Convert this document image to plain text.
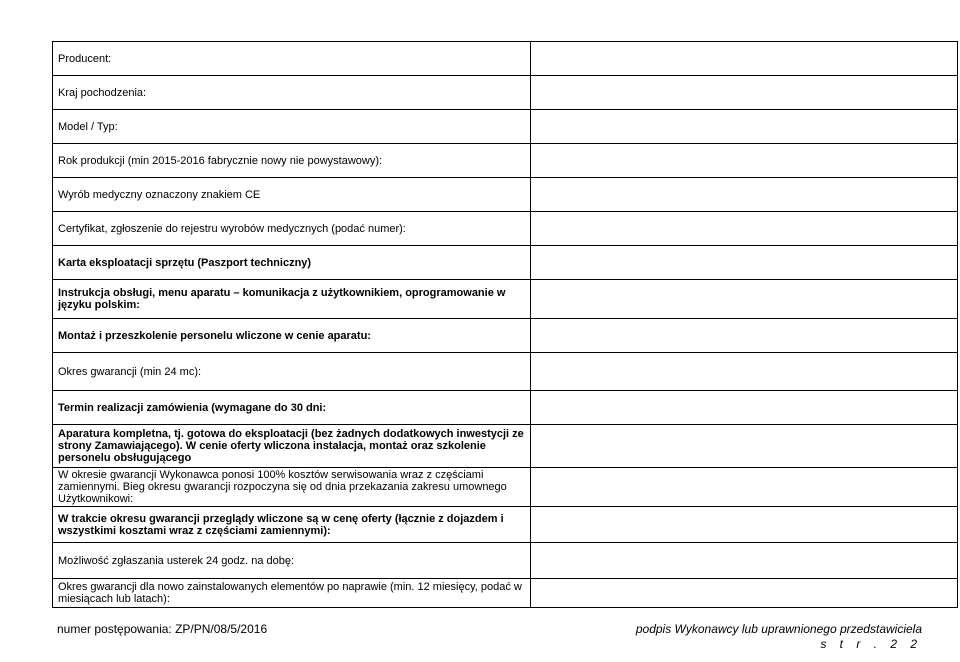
Producent:	
Kraj pochodzenia:	
Model / Typ:	
Rok produkcji (min 2015-2016 fabrycznie nowy nie powystawowy):	
Wyrób medyczny oznaczony znakiem CE	
Certyfikat, zgłoszenie do rejestru wyrobów medycznych (podać numer):	
Karta eksploatacji sprzętu (Paszport techniczny)	
Instrukcja obsługi, menu aparatu – komunikacja z użytkownikiem, oprogramowanie w języku polskim:	
Montaż i przeszkolenie personelu wliczone w cenie aparatu:	
Okres gwarancji (min 24 mc):	
Termin realizacji zamówienia (wymagane do 30 dni:	
Aparatura kompletna, tj. gotowa do eksploatacji (bez żadnych dodatkowych inwestycji ze strony Zamawiającego). W cenie oferty wliczona instalacja, montaż oraz szkolenie personelu obsługującego	
W okresie gwarancji Wykonawca ponosi 100% kosztów serwisowania wraz z częściami zamiennymi. Bieg okresu gwarancji rozpoczyna się od dnia przekazania zakresu umownego Użytkownikowi:	
W trakcie okresu gwarancji przeglądy wliczone są w cenę oferty (łącznie z dojazdem i wszystkimi kosztami wraz z częściami zamiennymi):	
Możliwość zgłaszania usterek 24 godz. na dobę:	
Okres gwarancji dla nowo zainstalowanych elementów po naprawie (min. 12 miesięcy, podać w miesiącach lub latach):	
numer postępowania: ZP/PN/08/5/2016	podpis Wykonawcy lub uprawnionego przedstawiciela
s t r . 2 2
